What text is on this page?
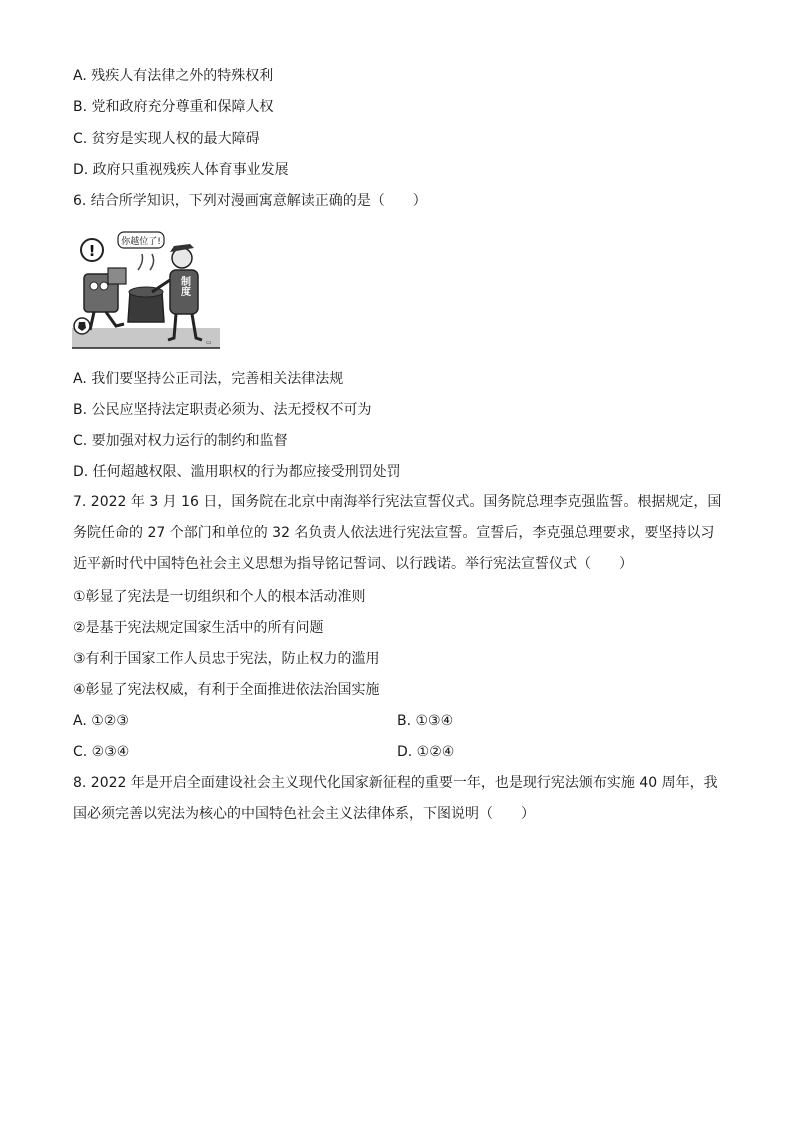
A. 残疾人有法律之外的特殊权利
B. 党和政府充分尊重和保障人权
C. 贫穷是实现人权的最大障碍
D. 政府只重视残疾人体育事业发展
6. 结合所学知识，下列对漫画寓意解读正确的是（　　）
!	你越位了!
制度
▭
A. 我们要坚持公正司法，完善相关法律法规
B. 公民应坚持法定职责必须为、法无授权不可为
C. 要加强对权力运行的制约和监督
D. 任何超越权限、滥用职权的行为都应接受刑罚处罚
7. 2022 年 3 月 16 日，国务院在北京中南海举行宪法宣誓仪式。国务院总理李克强监誓。根据规定，国务院任命的 27 个部门和单位的 32 名负责人依法进行宪法宣誓。宣誓后，李克强总理要求，要坚持以习近平新时代中国特色社会主义思想为指导铭记誓词、以行践诺。举行宪法宣誓仪式（　　）
①彰显了宪法是一切组织和个人的根本活动准则
②是基于宪法规定国家生活中的所有问题
③有利于国家工作人员忠于宪法，防止权力的滥用
④彰显了宪法权威，有利于全面推进依法治国实施
A. ①②③	B. ①③④
C. ②③④	D. ①②④
8. 2022 年是开启全面建设社会主义现代化国家新征程的重要一年，也是现行宪法颁布实施 40 周年，我国必须完善以宪法为核心的中国特色社会主义法律体系，下图说明（　　）
